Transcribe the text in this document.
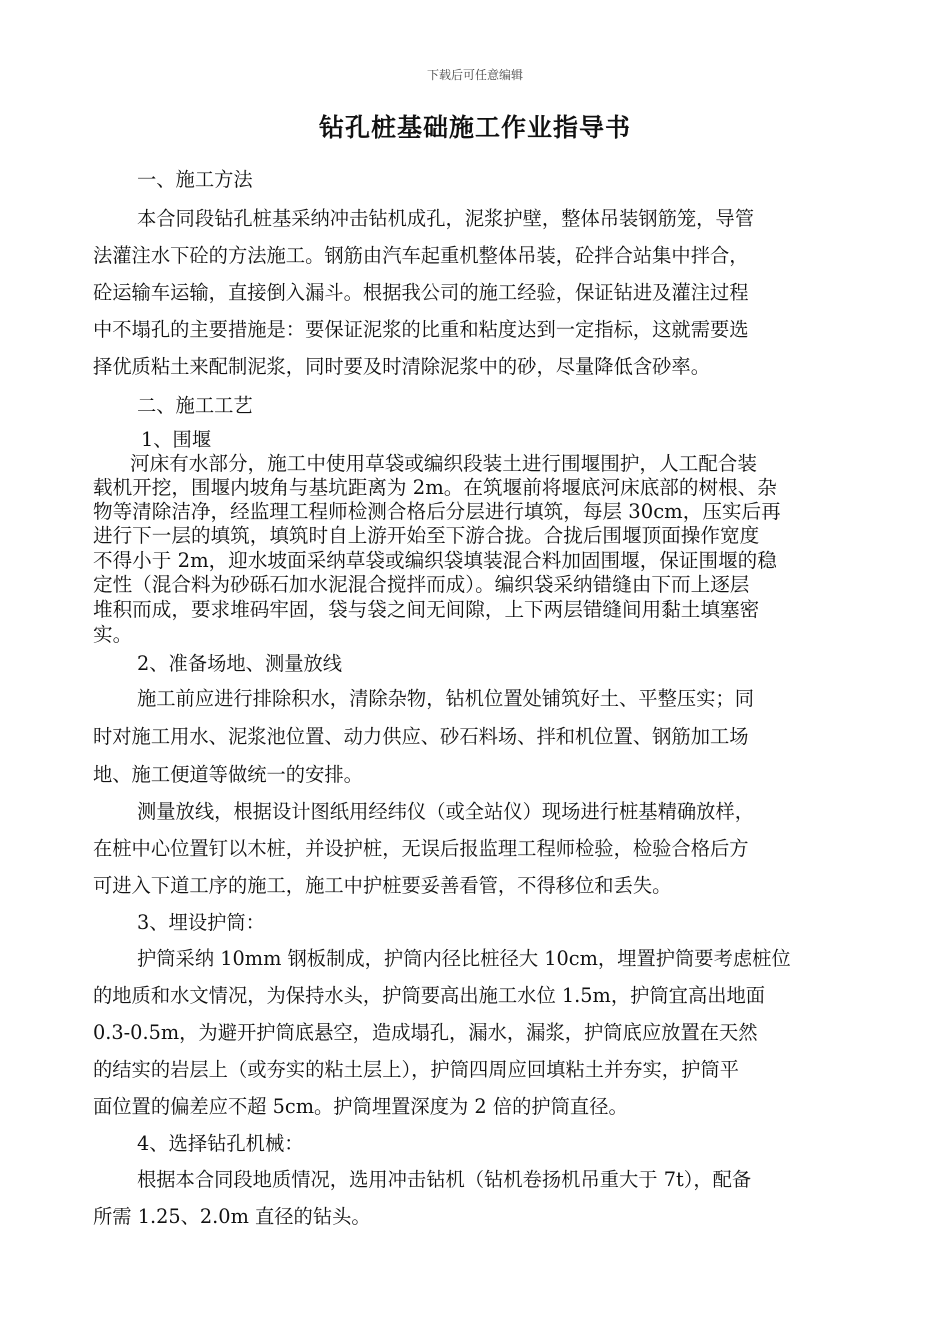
下载后可任意编辑
钻孔桩基础施工作业指导书
一、施工方法
本合同段钻孔桩基采纳冲击钻机成孔，泥浆护壁，整体吊装钢筋笼，导管
法灌注水下砼的方法施工。钢筋由汽车起重机整体吊装，砼拌合站集中拌合，
砼运输车运输，直接倒入漏斗。根据我公司的施工经验，保证钻进及灌注过程
中不塌孔的主要措施是：要保证泥浆的比重和粘度达到一定指标，这就需要选
择优质粘土来配制泥浆，同时要及时清除泥浆中的砂，尽量降低含砂率。
二、施工工艺
1、围堰
河床有水部分，施工中使用草袋或编织段装土进行围堰围护，人工配合装
载机开挖，围堰内坡角与基坑距离为 2m。在筑堰前将堰底河床底部的树根、杂
物等清除洁净，经监理工程师检测合格后分层进行填筑，每层 30cm，压实后再
进行下一层的填筑，填筑时自上游开始至下游合拢。合拢后围堰顶面操作宽度
不得小于 2m，迎水坡面采纳草袋或编织袋填装混合料加固围堰，保证围堰的稳
定性（混合料为砂砾石加水泥混合搅拌而成）。编织袋采纳错缝由下而上逐层
堆积而成，要求堆码牢固，袋与袋之间无间隙，上下两层错缝间用黏土填塞密
实。
2、准备场地、测量放线
施工前应进行排除积水，清除杂物，钻机位置处铺筑好土、平整压实；同
时对施工用水、泥浆池位置、动力供应、砂石料场、拌和机位置、钢筋加工场
地、施工便道等做统一的安排。
测量放线，根据设计图纸用经纬仪（或全站仪）现场进行桩基精确放样，
在桩中心位置钉以木桩，并设护桩，无误后报监理工程师检验，检验合格后方
可进入下道工序的施工，施工中护桩要妥善看管，不得移位和丢失。
3、埋设护筒：
护筒采纳 10mm 钢板制成，护筒内径比桩径大 10cm，埋置护筒要考虑桩位
的地质和水文情况，为保持水头，护筒要高出施工水位 1.5m，护筒宜高出地面
0.3-0.5m，为避开护筒底悬空，造成塌孔，漏水，漏浆，护筒底应放置在天然
的结实的岩层上（或夯实的粘土层上），护筒四周应回填粘土并夯实，护筒平
面位置的偏差应不超 5cm。护筒埋置深度为 2 倍的护筒直径。
4、选择钻孔机械：
根据本合同段地质情况，选用冲击钻机（钻机卷扬机吊重大于 7t），配备
所需 1.25、2.0m 直径的钻头。
